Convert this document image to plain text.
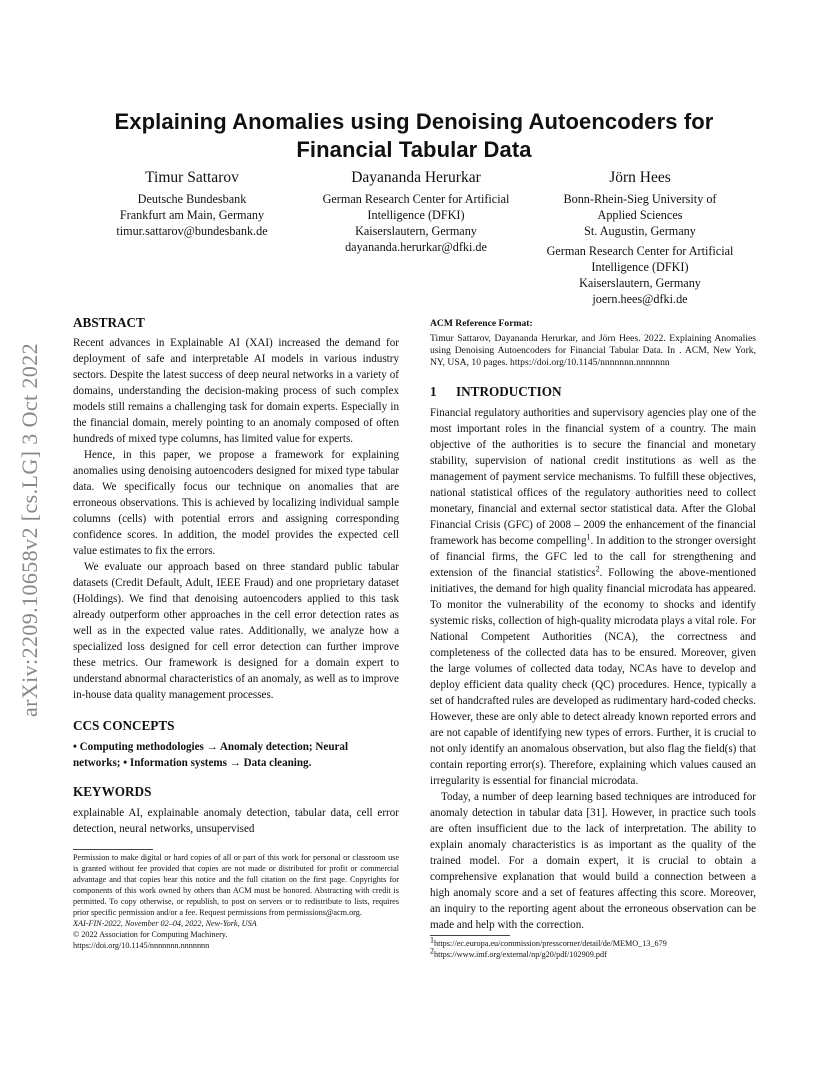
Explaining Anomalies using Denoising Autoencoders for
Financial Tabular Data
Timur Sattarov
Deutsche Bundesbank
Frankfurt am Main, Germany
timur.sattarov@bundesbank.de
Dayananda Herurkar
German Research Center for Artificial
Intelligence (DFKI)
Kaiserslautern, Germany
dayananda.herurkar@dfki.de
Jörn Hees
Bonn-Rhein-Sieg University of
Applied Sciences
St. Augustin, Germany
German Research Center for Artificial
Intelligence (DFKI)
Kaiserslautern, Germany
joern.hees@dfki.de
arXiv:2209.10658v2 [cs.LG] 3 Oct 2022
ABSTRACT

Recent advances in Explainable AI (XAI) increased the demand for deployment of safe and interpretable AI models in various industry sectors. Despite the latest success of deep neural networks in a variety of domains, understanding the decision-making process of such complex models still remains a challenging task for domain experts. Especially in the financial domain, merely pointing to an anomaly composed of often hundreds of mixed type columns, has limited value for experts.

Hence, in this paper, we propose a framework for explaining anomalies using denoising autoencoders designed for mixed type tabular data. We specifically focus our technique on anomalies that are erroneous observations. This is achieved by localizing individual sample columns (cells) with potential errors and assigning corresponding confidence scores. In addition, the model provides the expected cell value estimates to fix the errors.

We evaluate our approach based on three standard public tabular datasets (Credit Default, Adult, IEEE Fraud) and one proprietary dataset (Holdings). We find that denoising autoencoders applied to this task already outperform other approaches in the cell error detection rates as well as in the expected value rates. Additionally, we analyze how a specialized loss designed for cell error detection can further improve these metrics. Our framework is designed for a domain expert to understand abnormal characteristics of an anomaly, as well as to improve in-house data quality management processes.

CCS CONCEPTS
• Computing methodologies → Anomaly detection; Neural
networks; • Information systems → Data cleaning.
KEYWORDS

explainable AI, explainable anomaly detection, tabular data, cell error detection, neural networks, unsupervised

Permission to make digital or hard copies of all or part of this work for personal or classroom use is granted without fee provided that copies are not made or distributed for profit or commercial advantage and that copies bear this notice and the full citation on the first page. Copyrights for components of this work owned by others than ACM must be honored. Abstracting with credit is permitted. To copy otherwise, or republish, to post on servers or to redistribute to lists, requires prior specific permission and/or a fee. Request permissions from permissions@acm.org.
XAI-FIN-2022, November 02–04, 2022, New-York, USA
© 2022 Association for Computing Machinery.
https://doi.org/10.1145/nnnnnnn.nnnnnnn
ACM Reference Format:
Timur Sattarov, Dayananda Herurkar, and Jörn Hees. 2022. Explaining Anomalies using Denoising Autoencoders for Financial Tabular Data. In . ACM, New York, NY, USA, 10 pages. https://doi.org/10.1145/nnnnnnn.nnnnnnn
1 INTRODUCTION

Financial regulatory authorities and supervisory agencies play one of the most important roles in the financial system of a country. The main objective of the authorities is to secure the financial and monetary stability, supervision of national credit institutions as well as the management of payment service mechanisms. To fulfill these objectives, national statistical offices of the regulatory authorities need to collect monetary, financial and external sector statistical data. After the Global Financial Crisis (GFC) of 2008 – 2009 the enhancement of the financial framework has become compelling$^1$. In addition to the stronger oversight of financial firms, the GFC led to the call for strengthening and extension of the financial statistics$^2$. Following the above-mentioned initiatives, the demand for high quality financial microdata has appeared. To monitor the vulnerability of the economy to shocks and identify systemic risks, collection of high-quality microdata plays a vital role. For National Competent Authorities (NCA), the correctness and completeness of the collected data has to be ensured. Moreover, given the large volumes of collected data today, NCAs have to develop and deploy efficient data quality check (QC) procedures. Hence, typically a set of handcrafted rules are developed as rudimentary hard-coded checks. However, these are only able to detect already known reported errors and are not capable of identifying new types of errors. Further, it is crucial to not only identify an anomalous observation, but also flag the field(s) that contain reporting error(s). Therefore, explaining which values caused an irregularity is essential for financial microdata.

Today, a number of deep learning based techniques are introduced for anomaly detection in tabular data [31]. However, in practice such tools are often insufficient due to the lack of interpretation. The ability to explain anomaly characteristics is as important as the quality of the trained model. For a domain expert, it is crucial to obtain a comprehensive explanation that would build a connection between a high anomaly score and a set of features affecting this score. Moreover, an inquiry to the reporting agent about the erroneous observation can be made and help with the correction.

$^1$https://ec.europa.eu/commission/presscorner/detail/de/MEMO_13_679
$^2$https://www.imf.org/external/np/g20/pdf/102909.pdf
